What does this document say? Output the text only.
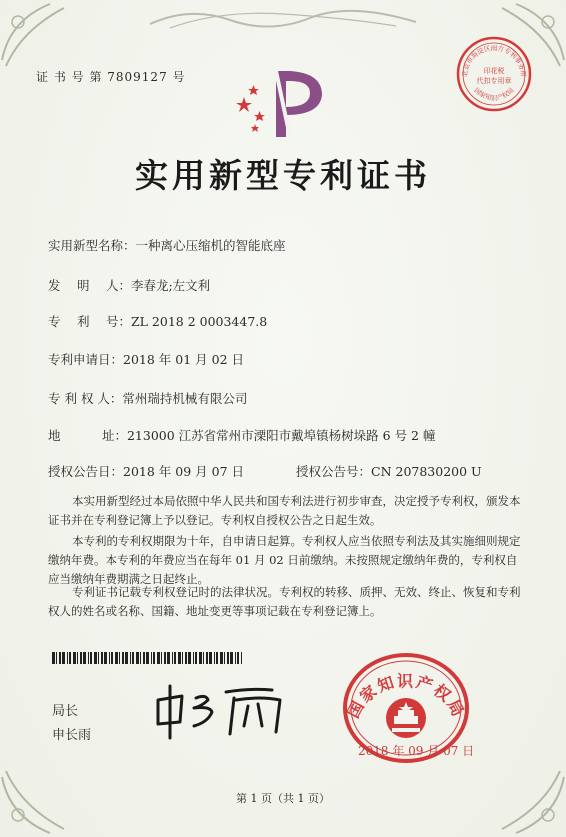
证 书 号 第 7809127 号	北京市海淀区雨方专利事务所
国家知识产权局
印花税
代扣专用章
实用新型专利证书
实用新型名称：一种离心压缩机的智能底座
发　 明　 人：李春龙;左文利
专　 利　 号：ZL 2018 2 0003447.8
专利申请日：2018 年 01 月 02 日
专 利 权 人：常州瑞持机械有限公司
地　　　 址：213000 江苏省常州市溧阳市戴埠镇杨树垛路 6 号 2 幢
授权公告日：2018 年 09 月 07 日	授权公告号：CN 207830200 U
本实用新型经过本局依照中华人民共和国专利法进行初步审查，决定授予专利权，颁发本证书并在专利登记簿上予以登记。专利权自授权公告之日起生效。
本专利的专利权期限为十年，自申请日起算。专利权人应当依照专利法及其实施细则规定缴纳年费。本专利的年费应当在每年 01 月 02 日前缴纳。未按照规定缴纳年费的，专利权自应当缴纳年费期满之日起终止。
专利证书记载专利权登记时的法律状况。专利权的转移、质押、无效、终止、恢复和专利权人的姓名或名称、国籍、地址变更等事项记载在专利登记簿上。
局长
申长雨
国家知识产权局
2018 年 09 月 07 日
第 1 页（共 1 页）
